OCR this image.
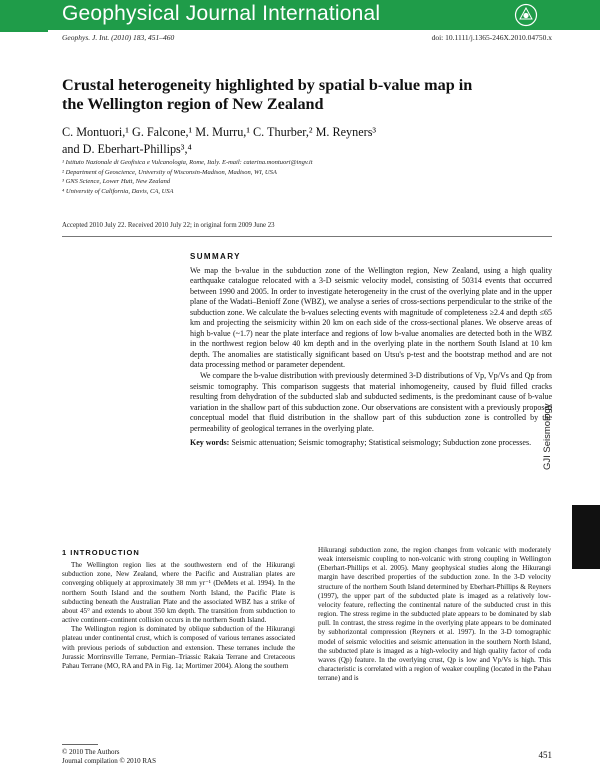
Geophysical Journal International
Geophys. J. Int. (2010) 183, 451–460	doi: 10.1111/j.1365-246X.2010.04750.x
Crustal heterogeneity highlighted by spatial b-value map in the Wellington region of New Zealand
C. Montuori,¹ G. Falcone,¹ M. Murru,¹ C. Thurber,² M. Reyners³
and D. Eberhart-Phillips³,⁴
¹ Istituto Nazionale di Geofisica e Vulcanologia, Rome, Italy. E-mail: caterina.montuori@ingv.it
² Department of Geoscience, University of Wisconsin-Madison, Madison, WI, USA
³ GNS Science, Lower Hutt, New Zealand
⁴ University of California, Davis, CA, USA
Accepted 2010 July 22. Received 2010 July 22; in original form 2009 June 23
SUMMARY

We map the b-value in the subduction zone of the Wellington region, New Zealand, using a high quality earthquake catalogue relocated with a 3-D seismic velocity model, consisting of 50314 events that occurred between 1990 and 2005. In order to investigate heterogeneity in the crust of the overlying plate and in the upper plane of the Wadati–Benioff Zone (WBZ), we analyse a series of cross-sections perpendicular to the strike of the subduction zone. We calculate the b-values selecting events with magnitude of completeness ≥2.4 and depth ≤65 km and projecting the seismicity within 20 km on each side of the cross-sectional planes. We observe areas of high b-value (~1.7) near the plate interface and regions of low b-value anomalies are detected both in the WBZ in the northwest region below 40 km depth and in the overlying plate in the northern South Island at 10 km depth. The anomalies are statistically significant based on Utsu's p-test and the bootstrap method and are not data processing method or parameter dependent.

We compare the b-value distribution with previously determined 3-D distributions of Vp, Vp/Vs and Qp from seismic tomography. This comparison suggests that material inhomogeneity, caused by fluid filled cracks resulting from dehydration of the subducted slab and subducted sediments, is the predominant cause of b-value variation in the shallow part of this subduction zone. Our observations are consistent with a previously proposed conceptual model that fluid distribution in the shallow part of this subduction zone is controlled by the permeability of geological terranes in the overlying plate.

Key words: Seismic attenuation; Seismic tomography; Statistical seismology; Subduction zone processes.	GJI Seismology
1 INTRODUCTION

The Wellington region lies at the southwestern end of the Hikurangi subduction zone, New Zealand, where the Pacific and Australian plates are converging obliquely at approximately 38 mm yr⁻¹ (DeMets et al. 1994). In the northern South Island and the southern North Island, the Pacific Plate is subducting beneath the Australian Plate and the associated WBZ has a strike of about 45° and extends to about 350 km depth. The transition from subduction to active continent–continent collision occurs in the northern South Island.

The Wellington region is dominated by oblique subduction of the Hikurangi plateau under continental crust, which is composed of various terranes associated with previous periods of subduction and extension. These terranes include the Jurassic Morrinsville Terrane, Permian–Triassic Rakaia Terrane and Cretaceous Pahau Terrane (MO, RA and PA in Fig. 1a; Mortimer 2004). Along the southern

Hikurangi subduction zone, the region changes from volcanic with moderately weak interseismic coupling to non-volcanic with strong coupling in Wellington (Eberhart-Phillips et al. 2005). Many geophysical studies along the Hikurangi margin have described properties of the subduction zone. In the 3-D velocity structure of the northern South Island determined by Eberhart-Phillips & Reyners (1997), the upper part of the subducted plate is imaged as a relatively low-velocity feature, reflecting the continental nature of the subducted crust in this region. The stress regime in the subducted plate appears to be dominated by slab pull. In contrast, the stress regime in the overlying plate appears to be dominated by subhorizontal compression (Reyners et al. 1997). In the 3-D tomographic model of seismic velocities and seismic attenuation in the southern North Island, the subducted plate is imaged as a high-velocity and high quality factor of coda waves (Qp) feature. In the overlying crust, Qp is low and Vp/Vs is high. This characteristic is correlated with a region of weaker coupling (located in the Pahau terrane) and is

© 2010 The Authors
Journal compilation © 2010 RAS
451
